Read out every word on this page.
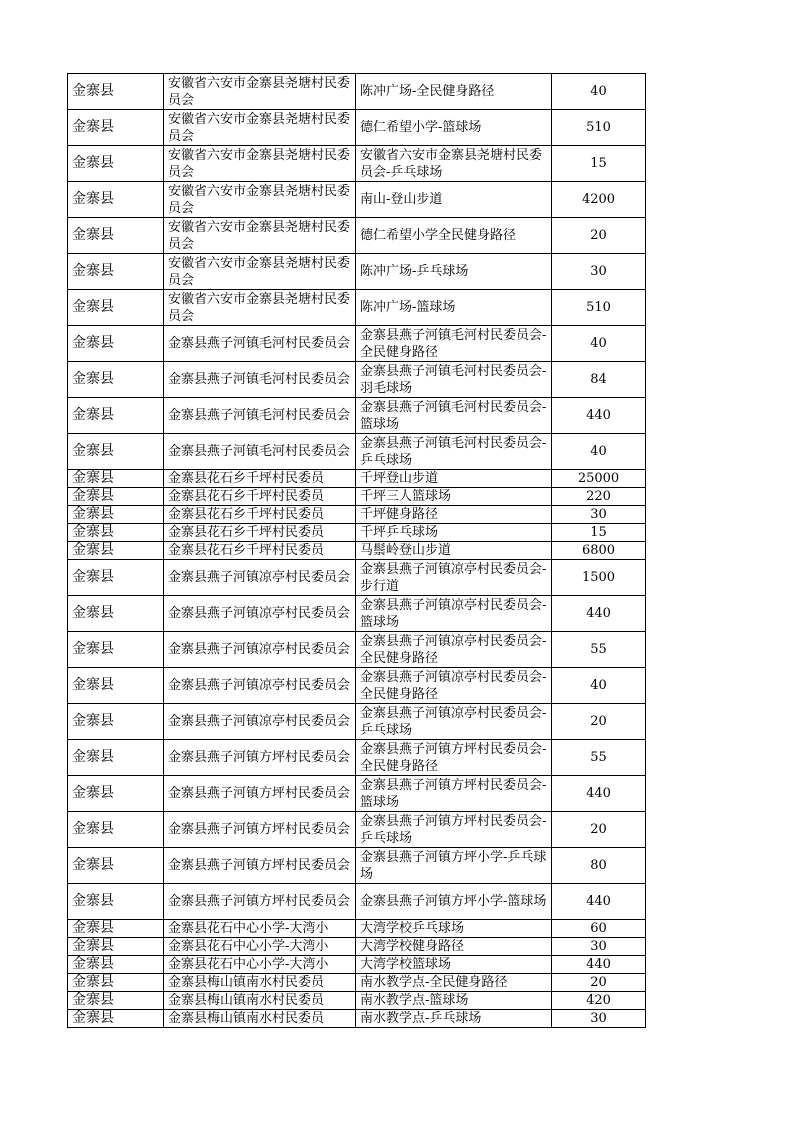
金寨县	安徽省六安市金寨县尧塘村民委员会	陈冲广场-全民健身路径	40
金寨县	安徽省六安市金寨县尧塘村民委员会	德仁希望小学-篮球场	510
金寨县	安徽省六安市金寨县尧塘村民委员会	安徽省六安市金寨县尧塘村民委员会-乒乓球场	15
金寨县	安徽省六安市金寨县尧塘村民委员会	南山-登山步道	4200
金寨县	安徽省六安市金寨县尧塘村民委员会	德仁希望小学全民健身路径	20
金寨县	安徽省六安市金寨县尧塘村民委员会	陈冲广场-乒乓球场	30
金寨县	安徽省六安市金寨县尧塘村民委员会	陈冲广场-篮球场	510
金寨县	金寨县燕子河镇毛河村民委员会	金寨县燕子河镇毛河村民委员会-全民健身路径	40
金寨县	金寨县燕子河镇毛河村民委员会	金寨县燕子河镇毛河村民委员会-羽毛球场	84
金寨县	金寨县燕子河镇毛河村民委员会	金寨县燕子河镇毛河村民委员会-篮球场	440
金寨县	金寨县燕子河镇毛河村民委员会	金寨县燕子河镇毛河村民委员会-乒乓球场	40
金寨县	金寨县花石乡千坪村民委员	千坪登山步道	25000
金寨县	金寨县花石乡千坪村民委员	千坪三人篮球场	220
金寨县	金寨县花石乡千坪村民委员	千坪健身路径	30
金寨县	金寨县花石乡千坪村民委员	千坪乒乓球场	15
金寨县	金寨县花石乡千坪村民委员	马鬃岭登山步道	6800
金寨县	金寨县燕子河镇凉亭村民委员会	金寨县燕子河镇凉亭村民委员会-步行道	1500
金寨县	金寨县燕子河镇凉亭村民委员会	金寨县燕子河镇凉亭村民委员会-篮球场	440
金寨县	金寨县燕子河镇凉亭村民委员会	金寨县燕子河镇凉亭村民委员会-全民健身路径	55
金寨县	金寨县燕子河镇凉亭村民委员会	金寨县燕子河镇凉亭村民委员会-全民健身路径	40
金寨县	金寨县燕子河镇凉亭村民委员会	金寨县燕子河镇凉亭村民委员会-乒乓球场	20
金寨县	金寨县燕子河镇方坪村民委员会	金寨县燕子河镇方坪村民委员会-全民健身路径	55
金寨县	金寨县燕子河镇方坪村民委员会	金寨县燕子河镇方坪村民委员会-篮球场	440
金寨县	金寨县燕子河镇方坪村民委员会	金寨县燕子河镇方坪村民委员会-乒乓球场	20
金寨县	金寨县燕子河镇方坪村民委员会	金寨县燕子河镇方坪小学-乒乓球场	80
金寨县	金寨县燕子河镇方坪村民委员会	金寨县燕子河镇方坪小学-篮球场	440
金寨县	金寨县花石中心小学-大湾小	大湾学校乒乓球场	60
金寨县	金寨县花石中心小学-大湾小	大湾学校健身路径	30
金寨县	金寨县花石中心小学-大湾小	大湾学校篮球场	440
金寨县	金寨县梅山镇南水村民委员	南水教学点-全民健身路径	20
金寨县	金寨县梅山镇南水村民委员	南水教学点-篮球场	420
金寨县	金寨县梅山镇南水村民委员	南水教学点-乒乓球场	30
